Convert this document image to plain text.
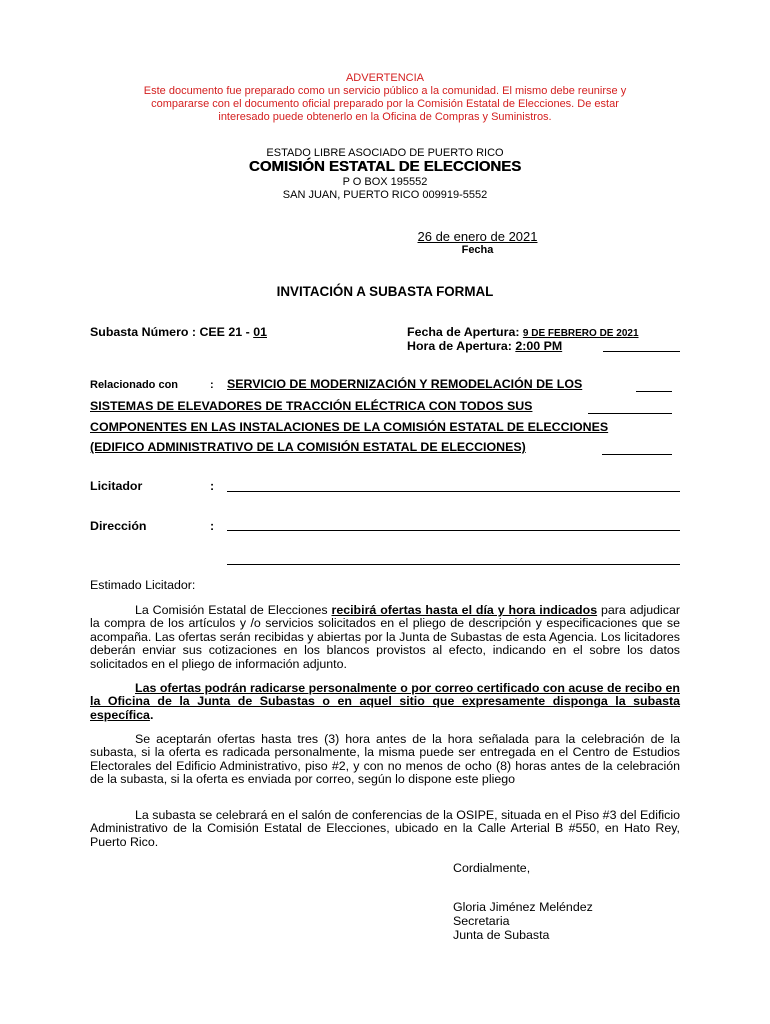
ADVERTENCIA
Este documento fue preparado como un servicio público a la comunidad. El mismo debe reunirse y
compararse con el documento oficial preparado por la Comisión Estatal de Elecciones. De estar
interesado puede obtenerlo en la Oficina de Compras y Suministros.
ESTADO LIBRE ASOCIADO DE PUERTO RICO
COMISIÓN ESTATAL DE ELECCIONES
P O BOX 195552
SAN JUAN, PUERTO RICO 009919-5552
26 de enero de 2021
Fecha
INVITACIÓN A SUBASTA FORMAL
Subasta Número : CEE 21 - 01	Fecha de Apertura: 9 DE FEBRERO DE 2021
Hora de Apertura: 2:00 PM
Relacionado con	: SERVICIO DE MODERNIZACIÓN Y REMODELACIÓN DE LOS
SISTEMAS DE ELEVADORES DE TRACCIÓN ELÉCTRICA CON TODOS SUS
COMPONENTES EN LAS INSTALACIONES DE LA COMISIÓN ESTATAL DE ELECCIONES
(EDIFICO ADMINISTRATIVO DE LA COMISIÓN ESTATAL DE ELECCIONES)
Licitador	:
Dirección	:
Estimado Licitador:
La Comisión Estatal de Elecciones recibirá ofertas hasta el día y hora indicados para adjudicar la compra de los artículos y /o servicios solicitados en el pliego de descripción y especificaciones que se acompaña. Las ofertas serán recibidas y abiertas por la Junta de Subastas de esta Agencia. Los licitadores deberán enviar sus cotizaciones en los blancos provistos al efecto, indicando en el sobre los datos solicitados en el pliego de información adjunto.
Las ofertas podrán radicarse personalmente o por correo certificado con acuse de recibo en la Oficina de la Junta de Subastas o en aquel sitio que expresamente disponga la subasta específica.
Se aceptarán ofertas hasta tres (3) hora antes de la hora señalada para la celebración de la subasta, si la oferta es radicada personalmente, la misma puede ser entregada en el Centro de Estudios Electorales del Edificio Administrativo, piso #2, y con no menos de ocho (8) horas antes de la celebración de la subasta, si la oferta es enviada por correo, según lo dispone este pliego
La subasta se celebrará en el salón de conferencias de la OSIPE, situada en el Piso #3 del Edificio Administrativo de la Comisión Estatal de Elecciones, ubicado en la Calle Arterial B #550, en Hato Rey, Puerto Rico.
Cordialmente,
Gloria Jiménez Meléndez
Secretaria
Junta de Subasta
